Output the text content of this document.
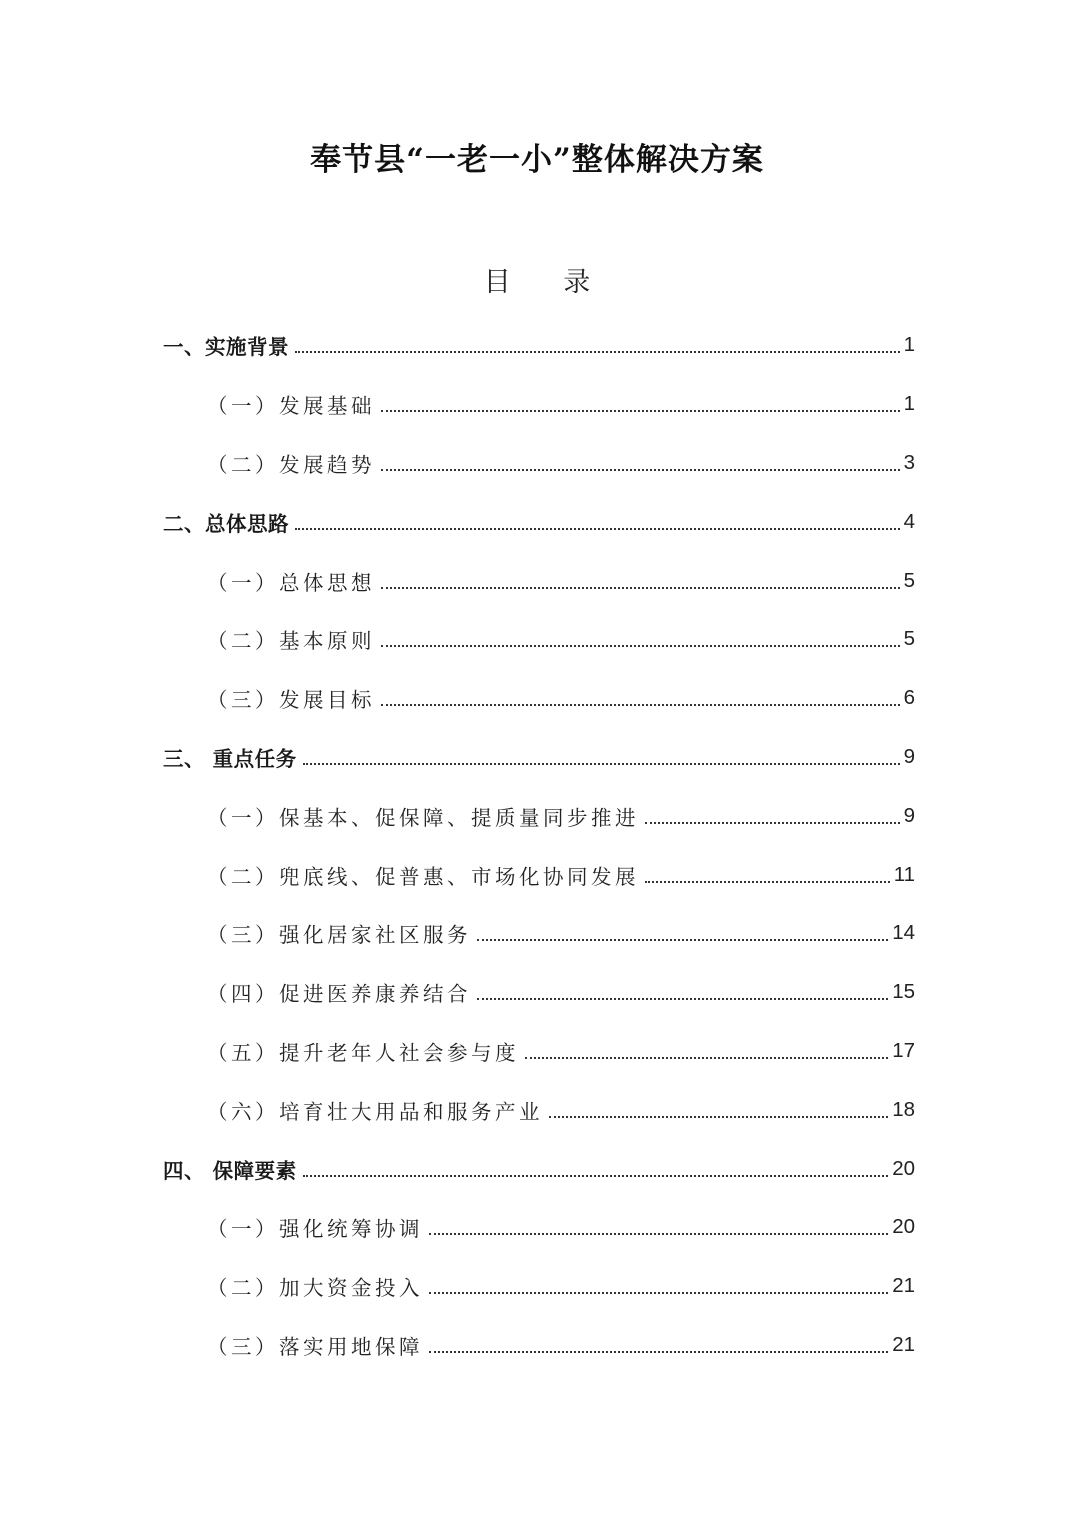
奉节县“一老一小”整体解决方案
目 录
一、实施背景	1
（一）发展基础	1
（二）发展趋势	3
二、总体思路	4
（一）总体思想	5
（二）基本原则	5
（三）发展目标	6
三、 重点任务	9
（一）保基本、促保障、提质量同步推进	9
（二）兜底线、促普惠、市场化协同发展	11
（三）强化居家社区服务	14
（四）促进医养康养结合	15
（五）提升老年人社会参与度	17
（六）培育壮大用品和服务产业	18
四、 保障要素	20
（一）强化统筹协调	20
（二）加大资金投入	21
（三）落实用地保障	21
